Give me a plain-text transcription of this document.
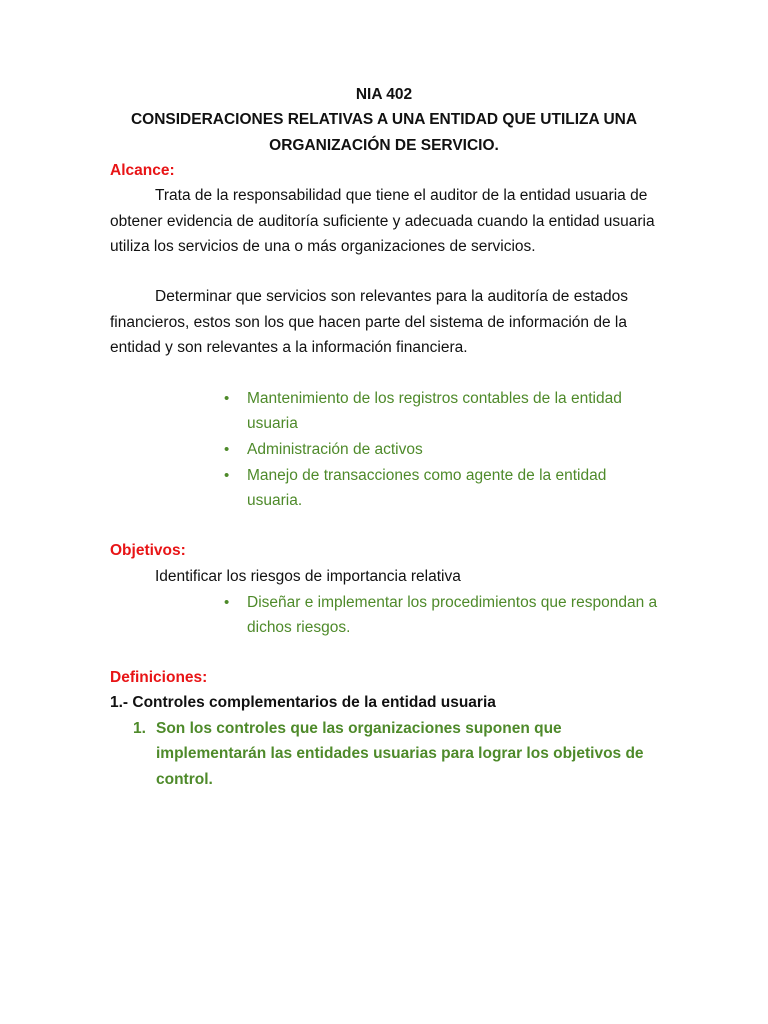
NIA 402
CONSIDERACIONES RELATIVAS A UNA ENTIDAD QUE UTILIZA UNA
ORGANIZACIÓN DE SERVICIO.
Alcance:
Trata de la responsabilidad que tiene el auditor de la entidad usuaria de
obtener evidencia de auditoría suficiente y adecuada cuando la entidad usuaria
utiliza los servicios de una o más organizaciones de servicios.
Determinar que servicios son relevantes para la auditoría de estados
financieros, estos son los que hacen parte del sistema de información de la
entidad y son relevantes a la información financiera.
• Mantenimiento de los registros contables de la entidad
usuaria
• Administración de activos
• Manejo de transacciones como agente de la entidad
usuaria.
Objetivos:
Identificar los riesgos de importancia relativa
• Diseñar e implementar los procedimientos que respondan a
dichos riesgos.
Definiciones:
1.- Controles complementarios de la entidad usuaria
1. Son los controles que las organizaciones suponen que
implementarán las entidades usuarias para lograr los objetivos de
control.
